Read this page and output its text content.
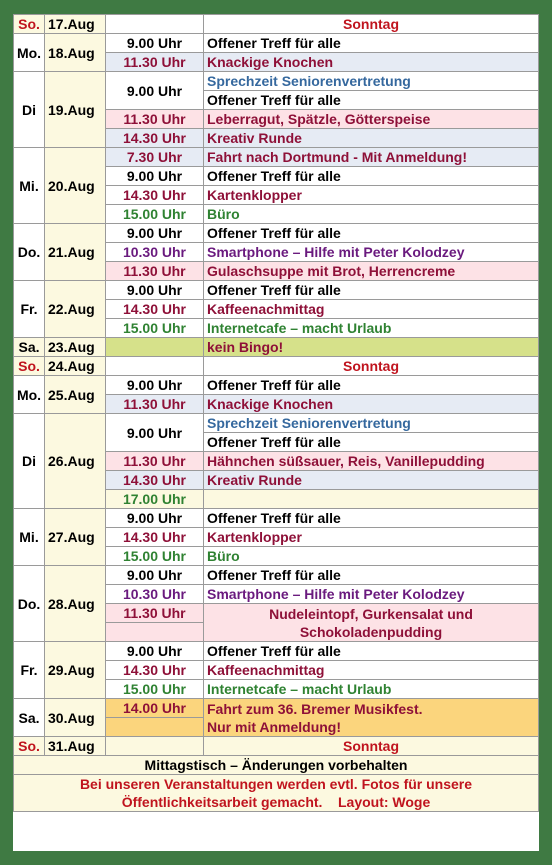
So.	17.Aug		Sonntag
Mo.	18.Aug	9.00 Uhr	Offener Treff für alle
		11.30 Uhr	Knackige Knochen
Di	19.Aug	9.00 Uhr	Sprechzeit Seniorenvertretung
			Offener Treff für alle
		11.30 Uhr	Leberragut, Spätzle, Götterspeise
		14.30 Uhr	Kreativ Runde
Mi.	20.Aug	7.30 Uhr	Fahrt nach Dortmund - Mit Anmeldung!
		9.00 Uhr	Offener Treff für alle
		14.30 Uhr	Kartenklopper
		15.00 Uhr	Büro
Do.	21.Aug	9.00 Uhr	Offener Treff für alle
		10.30 Uhr	Smartphone – Hilfe mit Peter Kolodzey
		11.30 Uhr	Gulaschsuppe mit Brot, Herrencreme
Fr.	22.Aug	9.00 Uhr	Offener Treff für alle
		14.30 Uhr	Kaffeenachmittag
		15.00 Uhr	Internetcafe – macht Urlaub
Sa.	23.Aug		kein Bingo!
So.	24.Aug		Sonntag
Mo.	25.Aug	9.00 Uhr	Offener Treff für alle
		11.30 Uhr	Knackige Knochen
Di	26.Aug	9.00 Uhr	Sprechzeit Seniorenvertretung
			Offener Treff für alle
		11.30 Uhr	Hähnchen süßsauer, Reis, Vanillepudding
		14.30 Uhr	Kreativ Runde
		17.00 Uhr	
Mi.	27.Aug	9.00 Uhr	Offener Treff für alle
		14.30 Uhr	Kartenklopper
		15.00 Uhr	Büro
Do.	28.Aug	9.00 Uhr	Offener Treff für alle
		10.30 Uhr	Smartphone – Hilfe mit Peter Kolodzey
		11.30 Uhr	Nudeleintopf, Gurkensalat und
Schokoladenpudding

Fr.	29.Aug	9.00 Uhr	Offener Treff für alle
		14.30 Uhr	Kaffeenachmittag
		15.00 Uhr	Internetcafe – macht Urlaub
Sa.	30.Aug	14.00 Uhr	Fahrt zum 36. Bremer Musikfest.
Nur mit Anmeldung!

So.	31.Aug		Sonntag
Mittagstisch – Änderungen vorbehalten			
Bei unseren Veranstaltungen werden evtl. Fotos für unsere			
Öffentlichkeitsarbeit gemacht.    Layout: Woge			
